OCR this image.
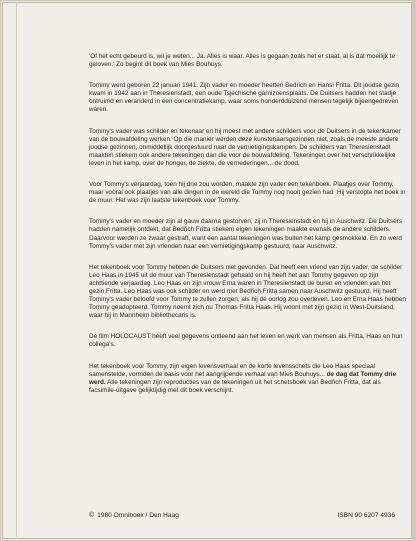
'Of het echt gebeurd is, wil je weten... Ja. Alles is waar. Alles is gegaan zoals het er staat, al is dat moeilijk te geloven.' Zo begint dit boek van Mies Bouhuys.

Tommy werd geboren 22 januari 1941. Zijn vader en moeder heetten Bedrich en Hansi Fritta. Dit joodse gezin kwam in 1942 aan in Theresienstadt, een oude Tsjechische garnizoensplaats. De Duitsers hadden het stadje ontruimd en veranderd in een concentratiekamp, waar soms honderdduizend mensen tegelijk bijeengedreven waren.

Tommy's vader was schilder en tekenaar en hij moest met andere schilders voor de Duitsers in de tekenkamer van de bouwafdeling werken. Op die manier werden deze kunstenaarsgezinnen niet, zoals de meeste andere joodse gezinnen, onmiddellijk doorgestuurd naar de vernietigingskampen. De schilders van Theresienstadt maakten stiekem ook andere tekeningen dan die voor de bouwafdeling. Tekeningen over het verschrikkelijke leven in het kamp, over de honger, de ziekte, de vernederingen... de dood.

Voor Tommy's verjaardag, toen hij drie zou worden, maakte zijn vader een tekenboek. Plaatjes over Tommy, maar vooral ook plaatjes van alle dingen in de wereld die Tommy nog nooit gezien had. Hij verstopte het boek in de muur. Het was zijn laatste tekenboek voor Tommy.

Tommy's vader en moeder zijn al gauw daarna gestorven, zij in Theresienstadt en hij in Auschwitz. De Duitsers hadden namelijk ontdekt, dat Bedřich Fritta stiekem eigen tekeningen maakte evenals de andere schilders. Daarvoor werden ze zwaar gestraft, want een aantal tekeningen was buiten het kamp gesmokkeld. En zo werd Tommy's vader met zijn vrienden naar een vernietigingskamp gestuurd, naar Auschwitz.

Het tekenboek voor Tommy hebben de Duitsers niet gevonden. Dat heeft een vriend van zijn vader, de schilder Leo Haas in 1945 uit de muur van Theresienstadt gehaald en hij heeft het aan Tommy gegeven op zijn achttiende verjaardag. Leo Haas en zijn vrouw Erna waren in Theresienstadt de buren en vrienden van het gezin Fritta. Leo Haas was ook schilder en werd met Bedřich Fritta samen naar Auschwitz gestuurd. Hij heeft Tommy's vader beloofd voor Tommy te zullen zorgen, als hij de oorlog zou overleven. Leo en Erna Haas hebben Tommy geadopteerd. Tommy noemt zich nu Thomas Fritta Haas. Hij woont met zijn gezin in West-Duitsland, waar hij in Mannheim bibliothecaris is.

De film HOLOCAUST heeft veel gegevens ontleend aan het leven en werk van mensen als Fritta, Haas en hun collega's.

Het tekenboek voor Tommy, zijn eigen levensverhaal en de korte levensschets die Leo Haas speciaal samenstelde, vormden de basis voor het aangrijpende verhaal van Mies Bouhuys... de dag dat Tommy drie werd. Alle tekeningen zijn reproducties van de tekeningen uit het schetsboek van Bedřich Fritta, dat als facsimile-uitgave gelijktijdig met dit boek verschijnt.

© 1980 Omniboek / Den Haag	ISBN 90 6207 4936
